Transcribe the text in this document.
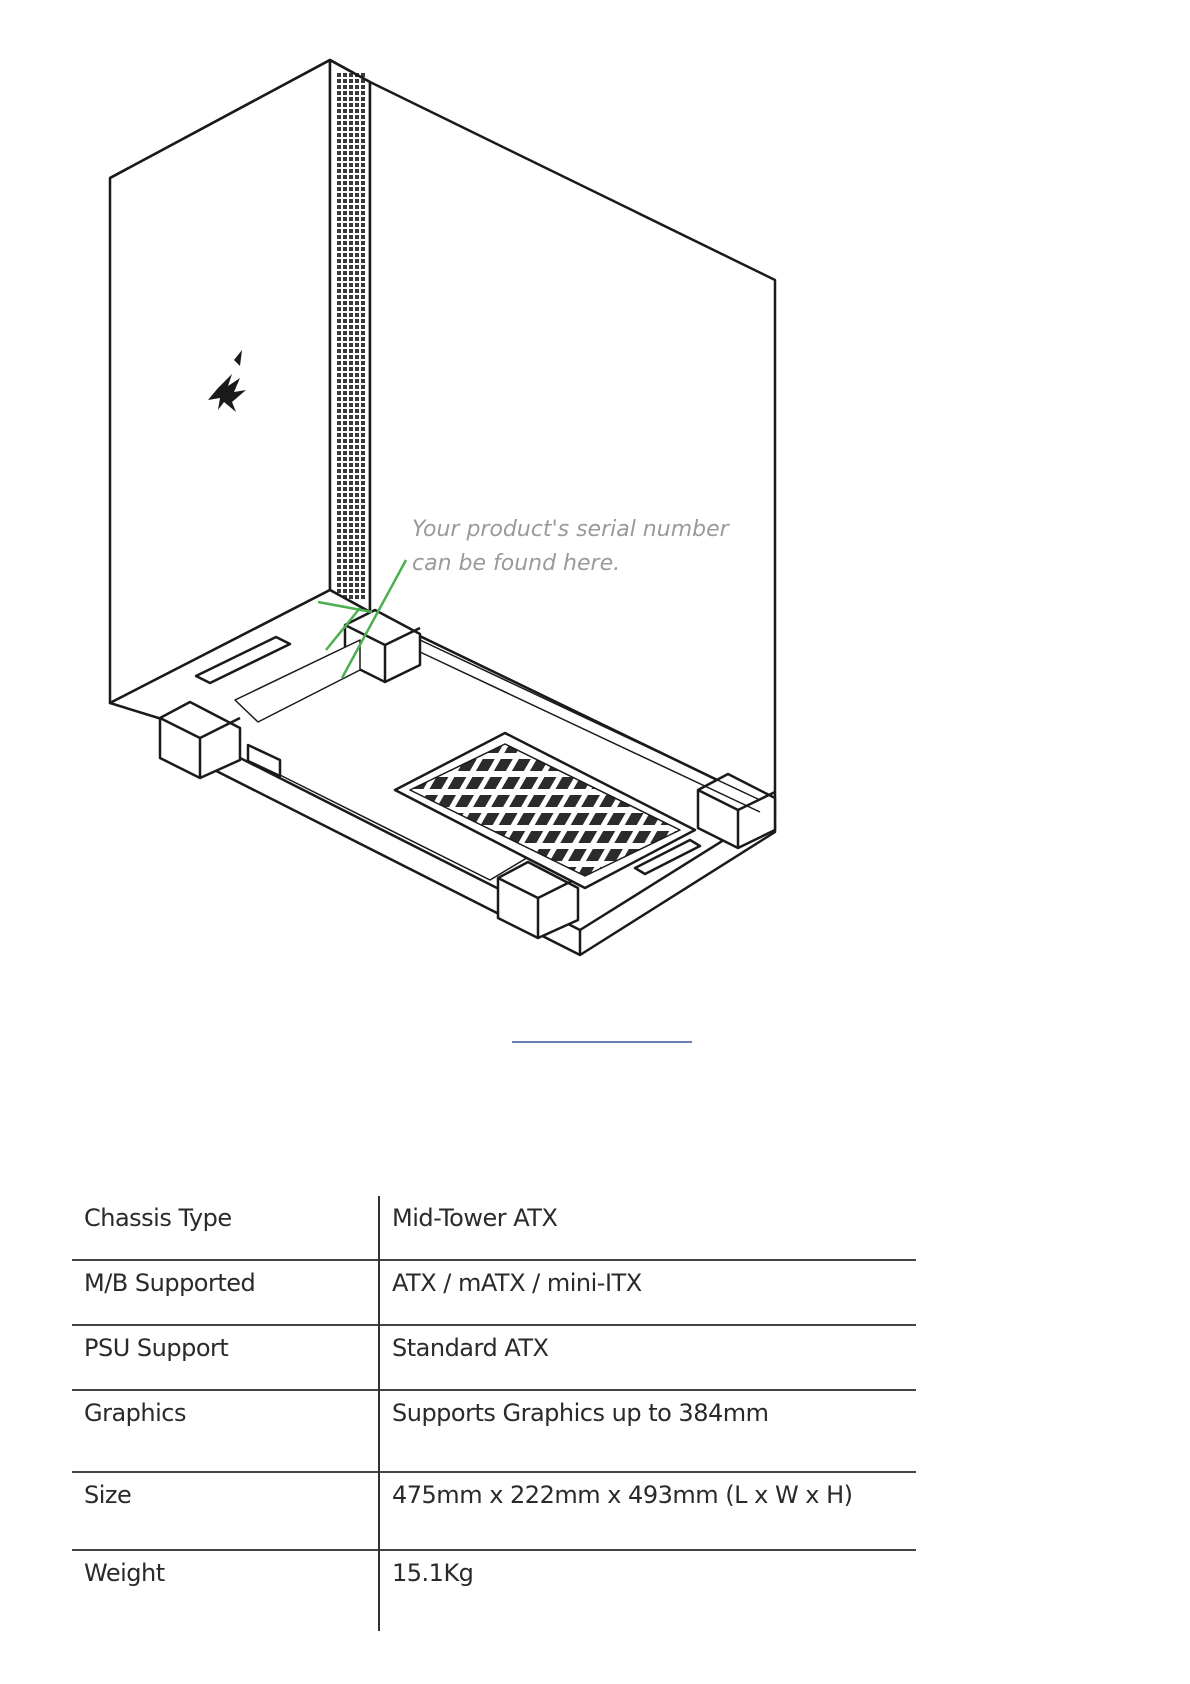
Your product's serial number
can be found here.
Chassis Type	Mid-Tower ATX
M/B Supported	ATX / mATX / mini-ITX
PSU Support	Standard ATX
Graphics	Supports Graphics up to 384mm
Size	475mm x 222mm x 493mm (L x W x H)
Weight	15.1Kg
